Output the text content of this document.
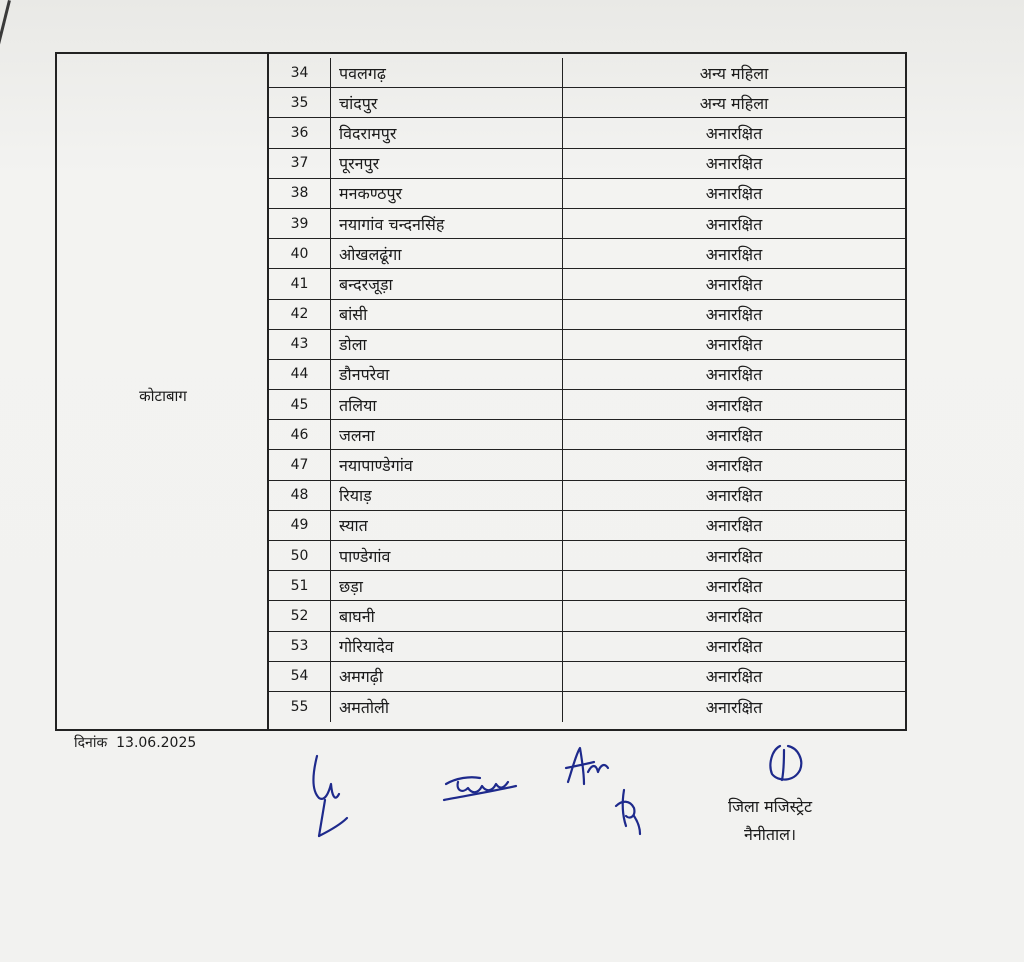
कोटाबाग
34	पवलगढ़	अन्य महिला
35	चांदपुर	अन्य महिला
36	विदरामपुर	अनारक्षित
37	पूरनपुर	अनारक्षित
38	मनकण्ठपुर	अनारक्षित
39	नयागांव चन्दनसिंह	अनारक्षित
40	ओखलढूंगा	अनारक्षित
41	बन्दरजूड़ा	अनारक्षित
42	बांसी	अनारक्षित
43	डोला	अनारक्षित
44	डौनपरेवा	अनारक्षित
45	तलिया	अनारक्षित
46	जलना	अनारक्षित
47	नयापाण्डेगांव	अनारक्षित
48	रियाड़	अनारक्षित
49	स्यात	अनारक्षित
50	पाण्डेगांव	अनारक्षित
51	छड़ा	अनारक्षित
52	बाघनी	अनारक्षित
53	गोरियादेव	अनारक्षित
54	अमगढ़ी	अनारक्षित
55	अमतोली	अनारक्षित
दिनांक 13.06.2025
जिला मजिस्ट्रेट
नैनीताल।
